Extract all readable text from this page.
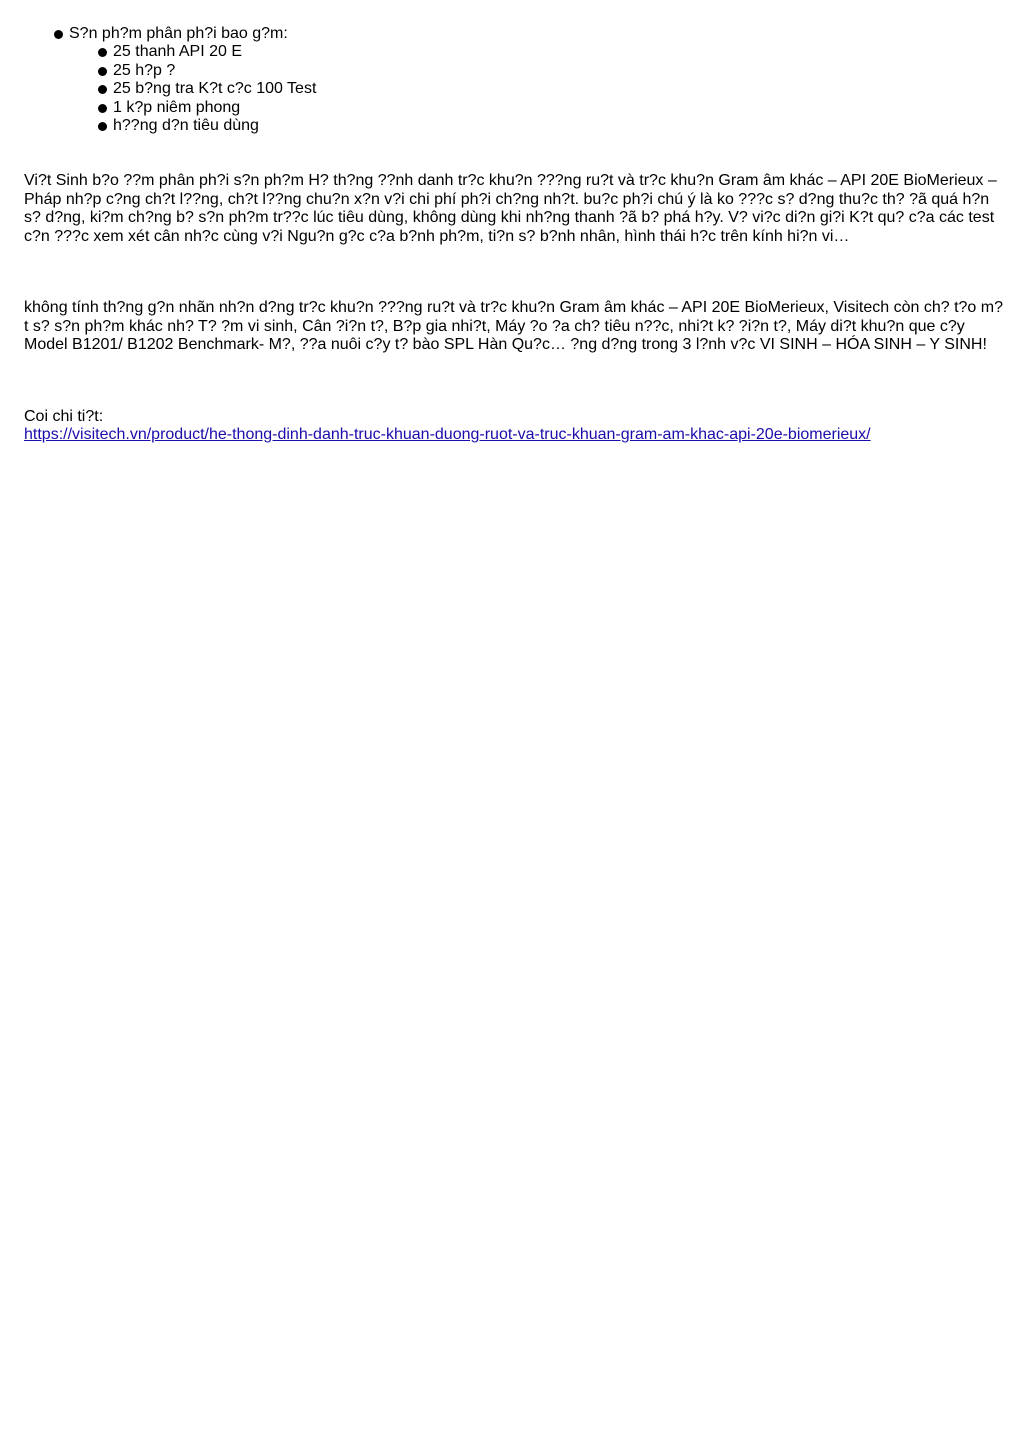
S?n ph?m phân ph?i bao g?m:
25 thanh API 20 E
25 h?p ?
25 b?ng tra K?t c?c 100 Test
1 k?p niêm phong
h??ng d?n tiêu dùng

Vi?t Sinh b?o ??m phân ph?i s?n ph?m H? th?ng ??nh danh tr?c khu?n ???ng ru?t và tr?c khu?n Gram âm khác – API 20E BioMerieux – Pháp nh?p c?ng ch?t l??ng, ch?t l??ng chu?n x?n v?i chi phí ph?i ch?ng nh?t. bu?c ph?i chú ý là ko ???c s? d?ng thu?c th? ?ã quá h?n s? d?ng, ki?m ch?ng b? s?n ph?m tr??c lúc tiêu dùng, không dùng khi nh?ng thanh ?ã b? phá h?y. V? vi?c di?n gi?i K?t qu? c?a các test c?n ???c xem xét cân nh?c cùng v?i Ngu?n g?c c?a b?nh ph?m, ti?n s? b?nh nhân, hình thái h?c trên kính hi?n vi…

không tính th?ng g?n nhãn nh?n d?ng tr?c khu?n ???ng ru?t và tr?c khu?n Gram âm khác – API 20E BioMerieux, Visitech còn ch? t?o m?t s? s?n ph?m khác nh? T? ?m vi sinh, Cân ?i?n t?, B?p gia nhi?t, Máy ?o ?a ch? tiêu n??c, nhi?t k? ?i?n t?, Máy di?t khu?n que c?y Model B1201/ B1202 Benchmark- M?, ??a nuôi c?y t? bào SPL Hàn Qu?c… ?ng d?ng trong 3 l?nh v?c VI SINH – HÓA SINH – Y SINH!

Coi chi ti?t:

https://visitech.vn/product/he-thong-dinh-danh-truc-khuan-duong-ruot-va-truc-khuan-gram-am-khac-api-20e-biomerieux/
